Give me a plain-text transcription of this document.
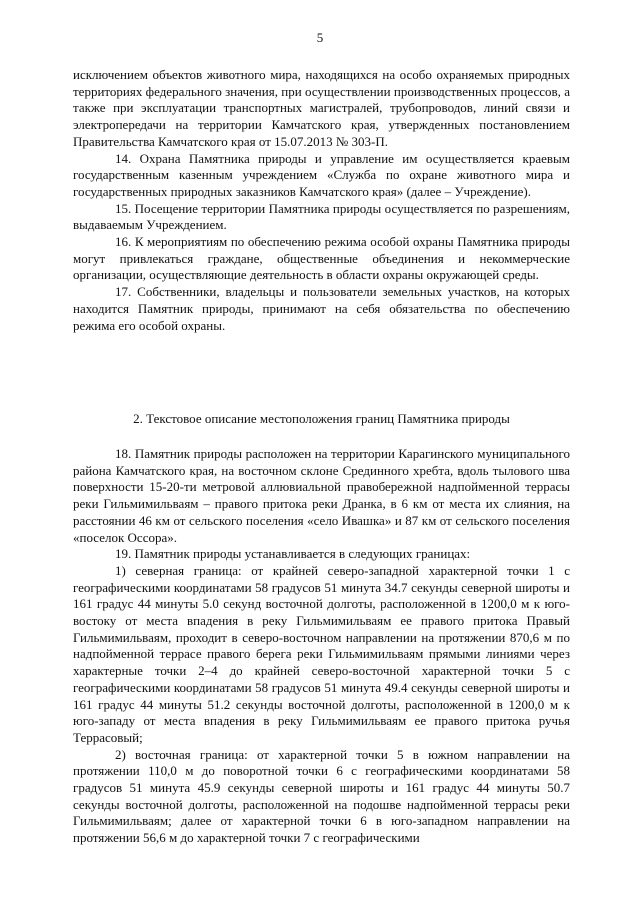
5

исключением объектов животного мира, находящихся на особо охраняемых природных территориях федерального значения, при осуществлении производственных процессов, а также при эксплуатации транспортных магистралей, трубопроводов, линий связи и электропередачи на территории Камчатского края, утвержденных постановлением Правительства Камчатского края от 15.07.2013 № 303-П.

14. Охрана Памятника природы и управление им осуществляется краевым государственным казенным учреждением «Служба по охране животного мира и государственных природных заказников Камчатского края» (далее – Учреждение).

15. Посещение территории Памятника природы осуществляется по разрешениям, выдаваемым Учреждением.

16. К мероприятиям по обеспечению режима особой охраны Памятника природы могут привлекаться граждане, общественные объединения и некоммерческие организации, осуществляющие деятельность в области охраны окружающей среды.

17. Собственники, владельцы и пользователи земельных участков, на которых находится Памятник природы, принимают на себя обязательства по обеспечению режима его особой охраны.

2. Текстовое описание местоположения границ Памятника природы

18. Памятник природы расположен на территории Карагинского муниципального района Камчатского края, на восточном склоне Срединного хребта, вдоль тылового шва поверхности 15-20-ти метровой аллювиальной правобережной надпойменной террасы реки Гильмимильваям – правого притока реки Дранка, в 6 км от места их слияния, на расстоянии 46 км от сельского поселения «село Ивашка» и 87 км от сельского поселения «поселок Оссора».

19. Памятник природы устанавливается в следующих границах:

1) северная граница: от крайней северо-западной характерной точки 1 с географическими координатами 58 градусов 51 минута 34.7 секунды северной широты и 161 градус 44 минуты 5.0 секунд восточной долготы, расположенной в 1200,0 м к юго-востоку от места впадения в реку Гильмимильваям ее правого притока Правый Гильмимильваям, проходит в северо-восточном направлении на протяжении 870,6 м по надпойменной террасе правого берега реки Гильмимильваям прямыми линиями через характерные точки 2–4 до крайней северо-восточной характерной точки 5 с географическими координатами 58 градусов 51 минута 49.4 секунды северной широты и 161 градус 44 минуты 51.2 секунды восточной долготы, расположенной в 1200,0 м к юго-западу от места впадения в реку Гильмимильваям ее правого притока ручья Террасовый;

2) восточная граница: от характерной точки 5 в южном направлении на протяжении 110,0 м до поворотной точки 6 с географическими координатами 58 градусов 51 минута 45.9 секунды северной широты и 161 градус 44 минуты 50.7 секунды восточной долготы, расположенной на подошве надпойменной террасы реки Гильмимильваям; далее от характерной точки 6 в юго-западном направлении на протяжении 56,6 м до характерной точки 7 с географическими
